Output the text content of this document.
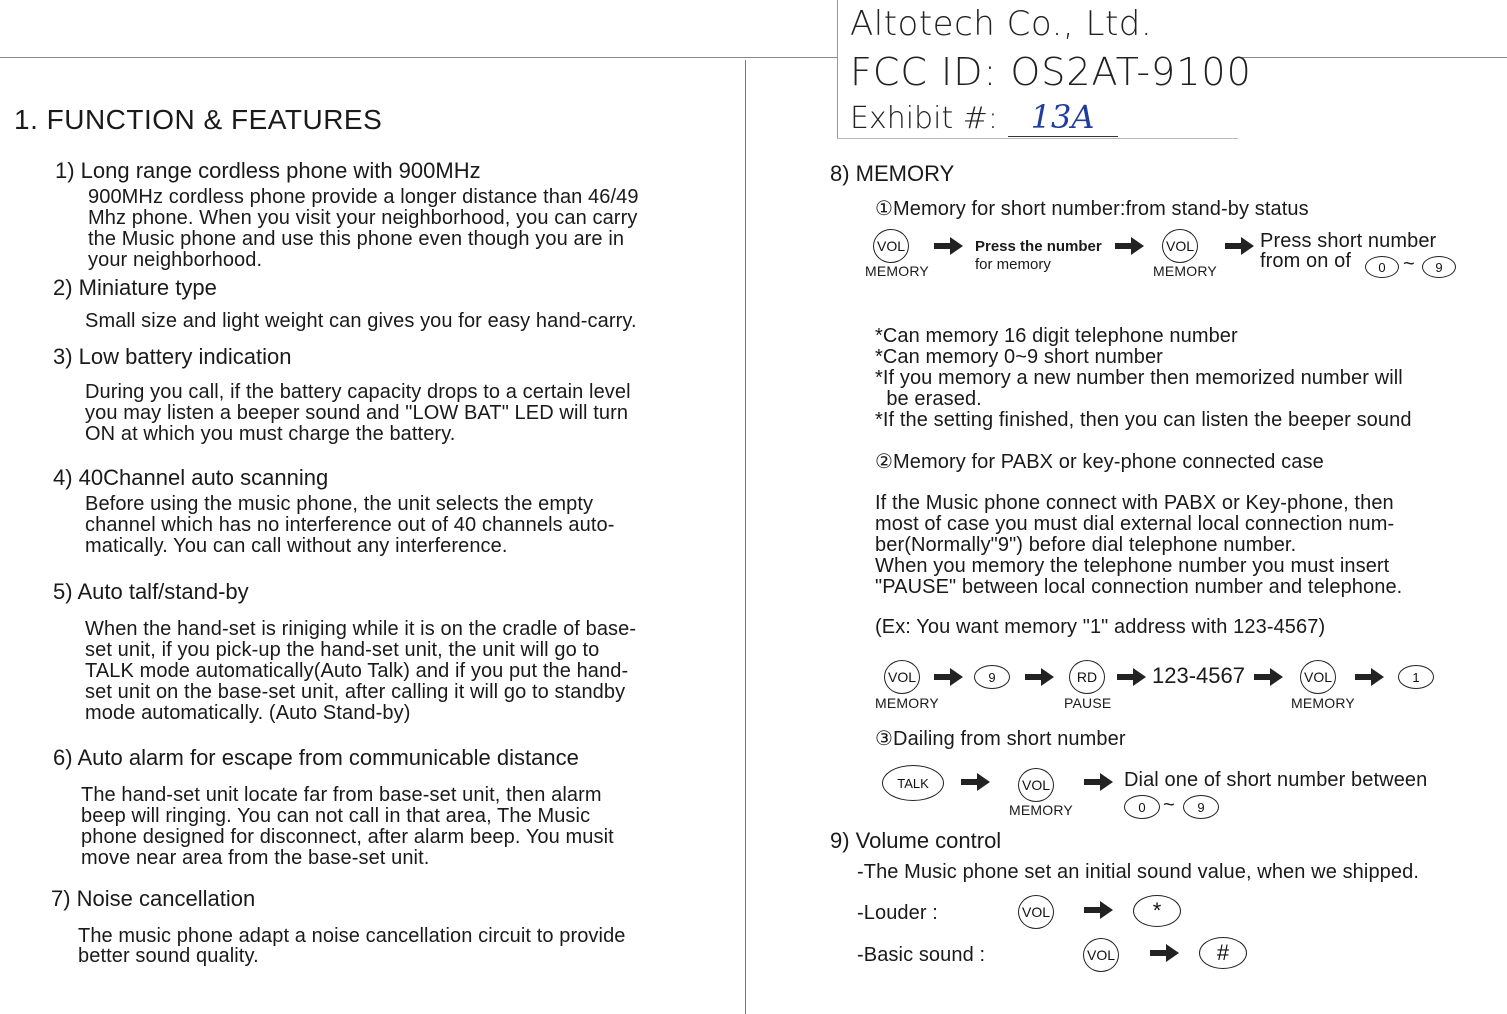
Altotech Co., Ltd.
FCC ID: OS2AT-9100
Exhibit #: 13A
1. FUNCTION & FEATURES
1) Long range cordless phone with 900MHz
900MHz cordless phone provide a longer distance than 46/49
Mhz phone. When you visit your neighborhood, you can carry
the Music phone and use this phone even though you are in
your neighborhood.
2) Miniature type
Small size and light weight can gives you for easy hand-carry.
3) Low battery indication
During you call, if the battery capacity drops to a certain level
you may listen a beeper sound and "LOW BAT" LED will turn
ON at which you must charge the battery.
4) 40Channel auto scanning
Before using the music phone, the unit selects the empty
channel which has no interference out of 40 channels auto-
matically. You can call without any interference.
5) Auto talf/stand-by
When the hand-set is riniging while it is on the cradle of base-
set unit, if you pick-up the hand-set unit, the unit will go to
TALK mode automatically(Auto Talk) and if you put the hand-
set unit on the base-set unit, after calling it will go to standby
mode automatically. (Auto Stand-by)
6) Auto alarm for escape from communicable distance
The hand-set unit locate far from base-set unit, then alarm
beep will ringing. You can not call in that area, The Music
phone designed for disconnect, after alarm beep. You musit
move near area from the base-set unit.
7) Noise cancellation
The music phone adapt a noise cancellation circuit to provide
better sound quality.
8) MEMORY
①Memory for short number:from stand-by status
VOL
MEMORY
Press the number
for memory
VOL
MEMORY
Press short number
from on of	0 ~	9
*Can memory 16 digit telephone number
*Can memory 0~9 short number
*If you memory a new number then memorized number will
be erased.
*If the setting finished, then you can listen the beeper sound
②Memory for PABX or key-phone connected case
If the Music phone connect with PABX or Key-phone, then
most of case you must dial external local connection num-
ber(Normally"9") before dial telephone number.
When you memory the telephone number you must insert
"PAUSE" between local connection number and telephone.
(Ex: You want memory "1" address with 123-4567)
VOL
MEMORY
9	RD
PAUSE
123-4567	VOL
MEMORY
1
③Dailing from short number
TALK	VOL
MEMORY
Dial one of short number between
0 ~	9
9) Volume control
-The Music phone set an initial sound value, when we shipped.
-Louder :	VOL	*
-Basic sound :	VOL	#
